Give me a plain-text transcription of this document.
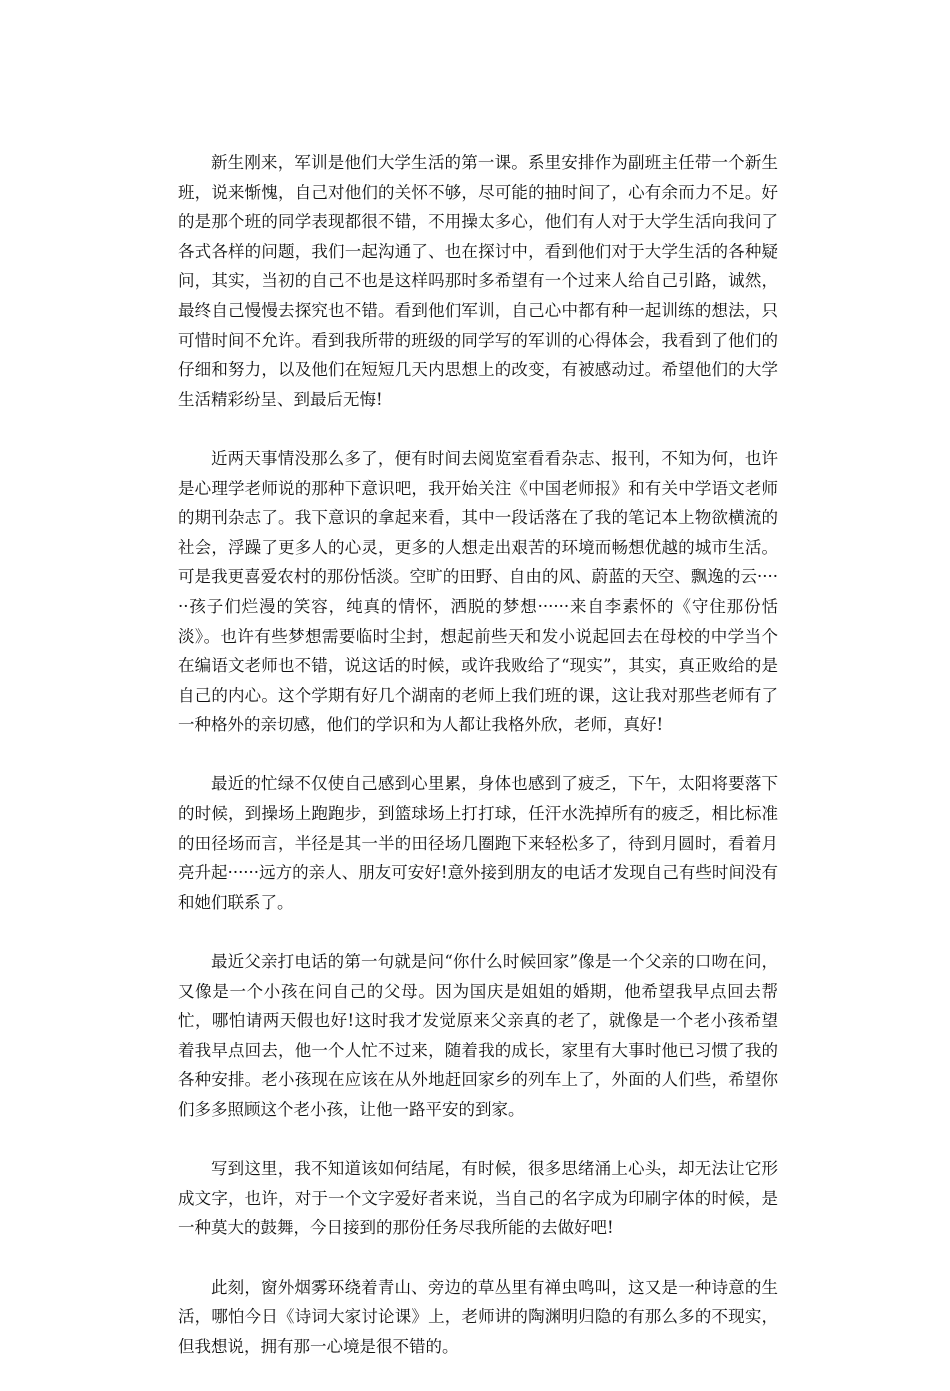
新生刚来，军训是他们大学生活的第一课。系里安排作为副班主任带一个新生班，说来惭愧，自己对他们的关怀不够，尽可能的抽时间了，心有余而力不足。好的是那个班的同学表现都很不错，不用操太多心，他们有人对于大学生活向我问了各式各样的问题，我们一起沟通了、也在探讨中，看到他们对于大学生活的各种疑问，其实，当初的自己不也是这样吗那时多希望有一个过来人给自己引路，诚然，最终自己慢慢去探究也不错。看到他们军训，自己心中都有种一起训练的想法，只可惜时间不允许。看到我所带的班级的同学写的军训的心得体会，我看到了他们的仔细和努力，以及他们在短短几天内思想上的改变，有被感动过。希望他们的大学生活精彩纷呈、到最后无悔!

近两天事情没那么多了，便有时间去阅览室看看杂志、报刊，不知为何，也许是心理学老师说的那种下意识吧，我开始关注《中国老师报》和有关中学语文老师的期刊杂志了。我下意识的拿起来看，其中一段话落在了我的笔记本上物欲横流的社会，浮躁了更多人的心灵，更多的人想走出艰苦的环境而畅想优越的城市生活。可是我更喜爱农村的那份恬淡。空旷的田野、自由的风、蔚蓝的天空、飘逸的云······孩子们烂漫的笑容，纯真的情怀，洒脱的梦想······来自李素怀的《守住那份恬淡》。也许有些梦想需要临时尘封，想起前些天和发小说起回去在母校的中学当个在编语文老师也不错，说这话的时候，或许我败给了“现实”，其实，真正败给的是自己的内心。这个学期有好几个湖南的老师上我们班的课，这让我对那些老师有了一种格外的亲切感，他们的学识和为人都让我格外欣，老师，真好!

最近的忙绿不仅使自己感到心里累，身体也感到了疲乏，下午，太阳将要落下的时候，到操场上跑跑步，到篮球场上打打球，任汗水洗掉所有的疲乏，相比标准的田径场而言，半径是其一半的田径场几圈跑下来轻松多了，待到月圆时，看着月亮升起······远方的亲人、朋友可安好!意外接到朋友的电话才发现自己有些时间没有和她们联系了。

最近父亲打电话的第一句就是问“你什么时候回家”像是一个父亲的口吻在问，又像是一个小孩在问自己的父母。因为国庆是姐姐的婚期，他希望我早点回去帮忙，哪怕请两天假也好!这时我才发觉原来父亲真的老了，就像是一个老小孩希望着我早点回去，他一个人忙不过来，随着我的成长，家里有大事时他已习惯了我的各种安排。老小孩现在应该在从外地赶回家乡的列车上了，外面的人们些，希望你们多多照顾这个老小孩，让他一路平安的到家。

写到这里，我不知道该如何结尾，有时候，很多思绪涌上心头，却无法让它形成文字，也许，对于一个文字爱好者来说，当自己的名字成为印刷字体的时候，是一种莫大的鼓舞，今日接到的那份任务尽我所能的去做好吧!

此刻，窗外烟雾环绕着青山、旁边的草丛里有禅虫鸣叫，这又是一种诗意的生活，哪怕今日《诗词大家讨论课》上，老师讲的陶渊明归隐的有那么多的不现实，但我想说，拥有那一心境是很不错的。
